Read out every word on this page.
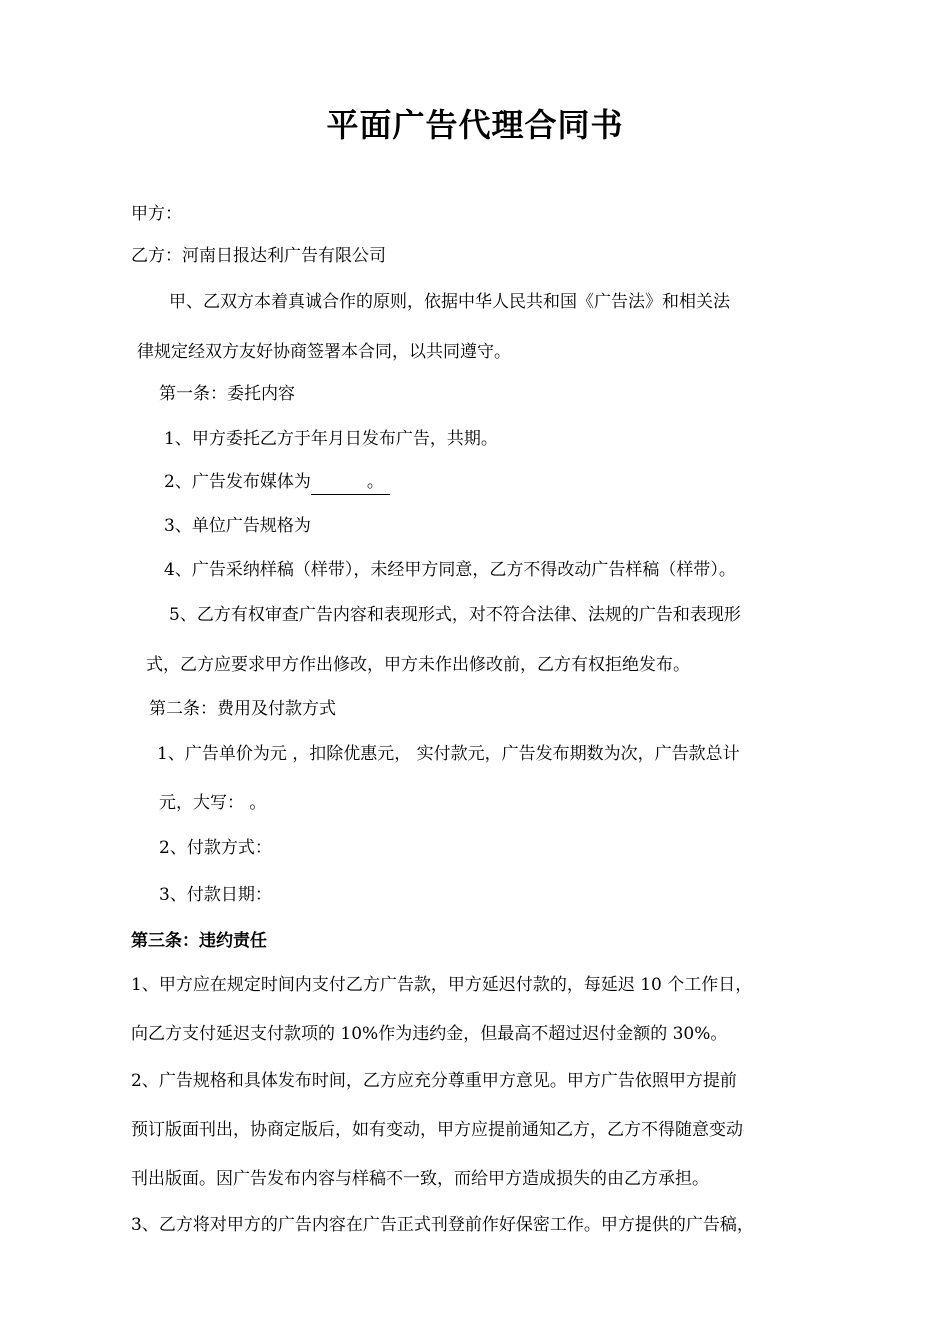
平面广告代理合同书
甲方：
乙方：河南日报达利广告有限公司
甲、乙双方本着真诚合作的原则，依据中华人民共和国《广告法》和相关法
律规定经双方友好协商签署本合同，以共同遵守。
第一条：委托内容
1、甲方委托乙方于年月日发布广告，共期。
2、广告发布媒体为	。
3、单位广告规格为
4、广告采纳样稿（样带），未经甲方同意，乙方不得改动广告样稿（样带）。
5、乙方有权审查广告内容和表现形式，对不符合法律、法规的广告和表现形
式，乙方应要求甲方作出修改，甲方未作出修改前，乙方有权拒绝发布。
第二条：费用及付款方式
1、广告单价为元 ，扣除优惠元， 实付款元，广告发布期数为次，广告款总计
元，大写： 。
2、付款方式：
3、付款日期：
第三条：违约责任
1、甲方应在规定时间内支付乙方广告款，甲方延迟付款的，每延迟 10 个工作日，
向乙方支付延迟支付款项的 10%作为违约金，但最高不超过迟付金额的 30%。
2、广告规格和具体发布时间，乙方应充分尊重甲方意见。甲方广告依照甲方提前
预订版面刊出，协商定版后，如有变动，甲方应提前通知乙方，乙方不得随意变动
刊出版面。因广告发布内容与样稿不一致，而给甲方造成损失的由乙方承担。
3、乙方将对甲方的广告内容在广告正式刊登前作好保密工作。甲方提供的广告稿，
